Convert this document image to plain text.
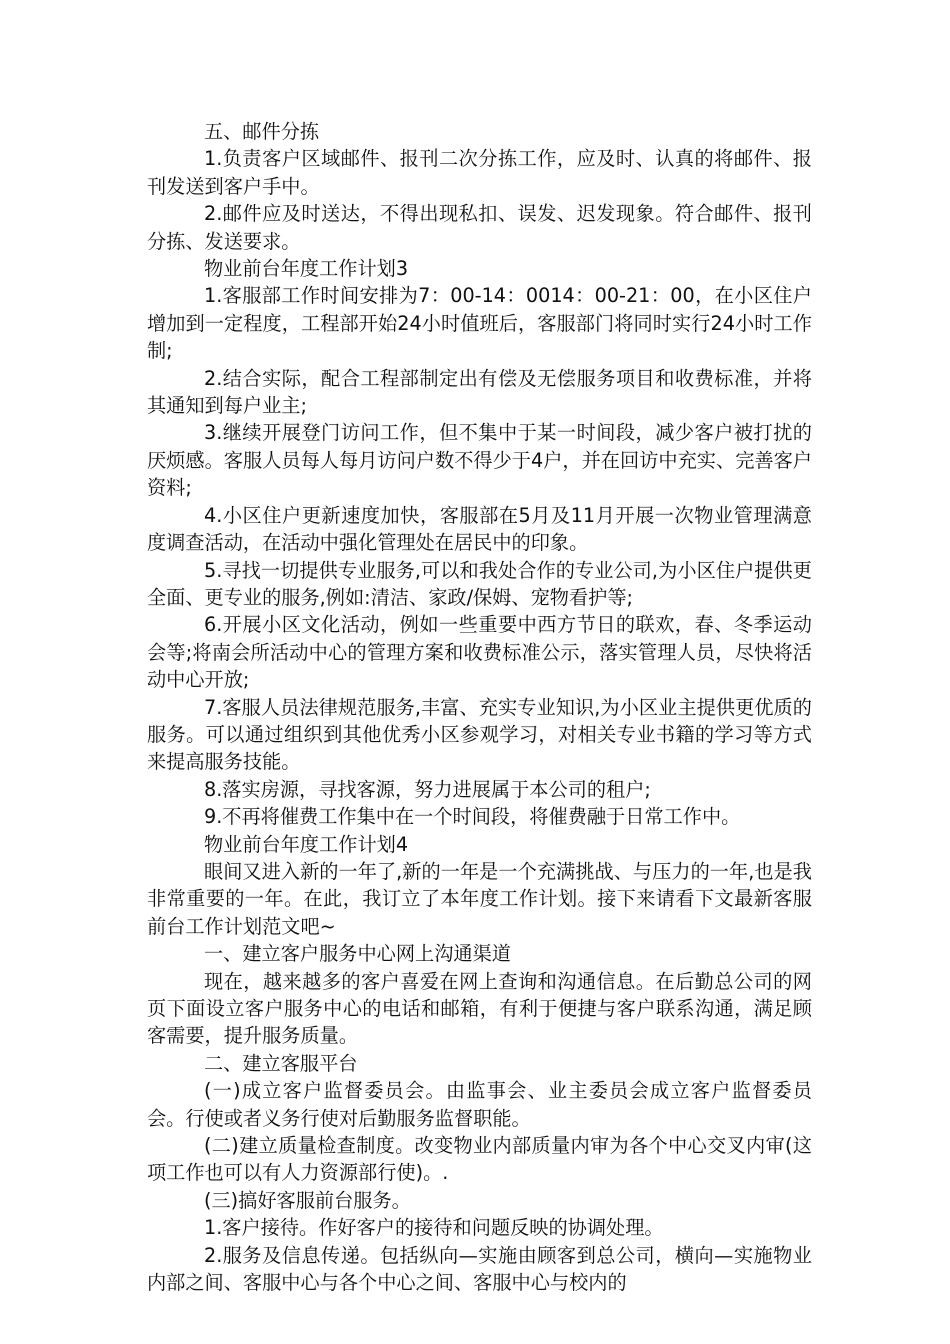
五、邮件分拣

1.负责客户区域邮件、报刊二次分拣工作，应及时、认真的将邮件、报刊发送到客户手中。

2.邮件应及时送达，不得出现私扣、误发、迟发现象。符合邮件、报刊分拣、发送要求。

物业前台年度工作计划3

1.客服部工作时间安排为7：00-14：0014：00-21：00，在小区住户增加到一定程度，工程部开始24小时值班后，客服部门将同时实行24小时工作制;

2.结合实际，配合工程部制定出有偿及无偿服务项目和收费标准，并将其通知到每户业主;

3.继续开展登门访问工作，但不集中于某一时间段，减少客户被打扰的厌烦感。客服人员每人每月访问户数不得少于4户，并在回访中充实、完善客户资料;

4.小区住户更新速度加快，客服部在5月及11月开展一次物业管理满意度调查活动，在活动中强化管理处在居民中的印象。

5.寻找一切提供专业服务,可以和我处合作的专业公司,为小区住户提供更全面、更专业的服务,例如:清洁、家政/保姆、宠物看护等;

6.开展小区文化活动，例如一些重要中西方节日的联欢，春、冬季运动会等;将南会所活动中心的管理方案和收费标准公示，落实管理人员，尽快将活动中心开放;

7.客服人员法律规范服务,丰富、充实专业知识,为小区业主提供更优质的服务。可以通过组织到其他优秀小区参观学习，对相关专业书籍的学习等方式来提高服务技能。

8.落实房源，寻找客源，努力进展属于本公司的租户;

9.不再将催费工作集中在一个时间段，将催费融于日常工作中。

物业前台年度工作计划4

眼间又进入新的一年了,新的一年是一个充满挑战、与压力的一年,也是我非常重要的一年。在此，我订立了本年度工作计划。接下来请看下文最新客服前台工作计划范文吧~

一、建立客户服务中心网上沟通渠道

现在，越来越多的客户喜爱在网上查询和沟通信息。在后勤总公司的网页下面设立客户服务中心的电话和邮箱，有利于便捷与客户联系沟通，满足顾客需要，提升服务质量。

二、建立客服平台

(一)成立客户监督委员会。由监事会、业主委员会成立客户监督委员会。行使或者义务行使对后勤服务监督职能。

(二)建立质量检查制度。改变物业内部质量内审为各个中心交叉内审(这项工作也可以有人力资源部行使)。.

(三)搞好客服前台服务。

1.客户接待。作好客户的接待和问题反映的协调处理。

2.服务及信息传递。包括纵向—实施由顾客到总公司，横向—实施物业内部之间、客服中心与各个中心之间、客服中心与校内的
